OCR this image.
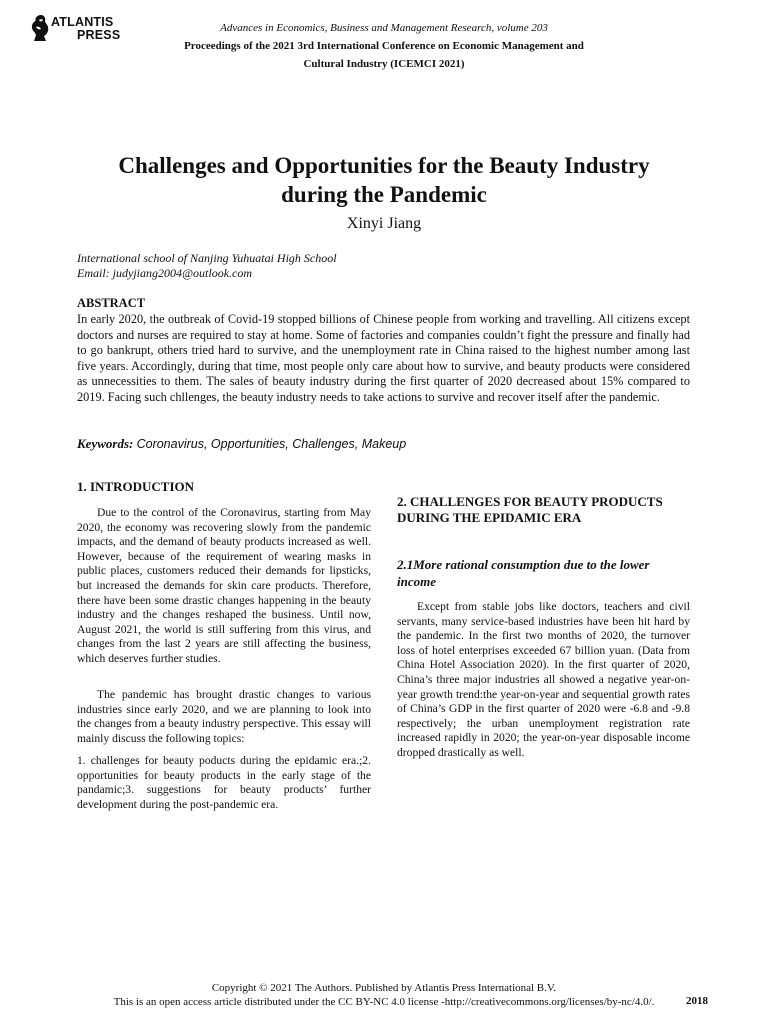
ATLANTIS
PRESS	Advances in Economics, Business and Management Research, volume 203
Proceedings of the 2021 3rd International Conference on Economic Management and
Cultural Industry (ICEMCI 2021)
Challenges and Opportunities for the Beauty Industry
during the Pandemic
Xinyi Jiang
International school of Nanjing Yuhuatai High School
Email: judyjiang2004@outlook.com
ABSTRACT
In early 2020, the outbreak of Covid-19 stopped billions of Chinese people from working and travelling. All citizens except doctors and nurses are required to stay at home. Some of factories and companies couldn’t fight the pressure and finally had to go bankrupt, others tried hard to survive, and the unemployment rate in China raised to the highest number among last five years. Accordingly, during that time, most people only care about how to survive, and beauty products were considered as unnecessities to them. The sales of beauty industry during the first quarter of 2020 decreased about 15% compared to 2019. Facing such chllenges, the beauty industry needs to take actions to survive and recover itself after the pandemic.
Keywords: Coronavirus, Opportunities, Challenges, Makeup
1. INTRODUCTION

Due to the control of the Coronavirus, starting from May 2020, the economy was recovering slowly from the pandemic impacts, and the demand of beauty products increased as well. However, because of the requirement of wearing masks in public places, customers reduced their demands for lipsticks, but increased the demands for skin care products. Therefore, there have been some drastic changes happening in the beauty industry and the changes reshaped the business. Until now, August 2021, the world is still suffering from this virus, and changes from the last 2 years are still affecting the business, which deserves further studies.

The pandemic has brought drastic changes to various industries since early 2020, and we are planning to look into the changes from a beauty industry perspective. This essay will mainly discuss the following topics:

1. challenges for beauty poducts during the epidamic era.;2. opportunities for beauty products in the early stage of the pandamic;3. suggestions for beauty products’ further development during the post-pandemic era.

2. CHALLENGES FOR BEAUTY PRODUCTS DURING THE EPIDAMIC ERA
2.1More rational consumption due to the lower income

Except from stable jobs like doctors, teachers and civil servants, many service-based industries have been hit hard by the pandemic. In the first two months of 2020, the turnover loss of hotel enterprises exceeded 67 billion yuan. (Data from China Hotel Association 2020). In the first quarter of 2020, China’s three major industries all showed a negative year-on-year growth trend:the year-on-year and sequential growth rates of China’s GDP in the first quarter of 2020 were -6.8 and -9.8 respectively; the urban unemployment registration rate increased rapidly in 2020; the year-on-year disposable income dropped drastically as well.

Copyright © 2021 The Authors. Published by Atlantis Press International B.V.
This is an open access article distributed under the CC BY-NC 4.0 license -http://creativecommons.org/licenses/by-nc/4.0/.	2018
